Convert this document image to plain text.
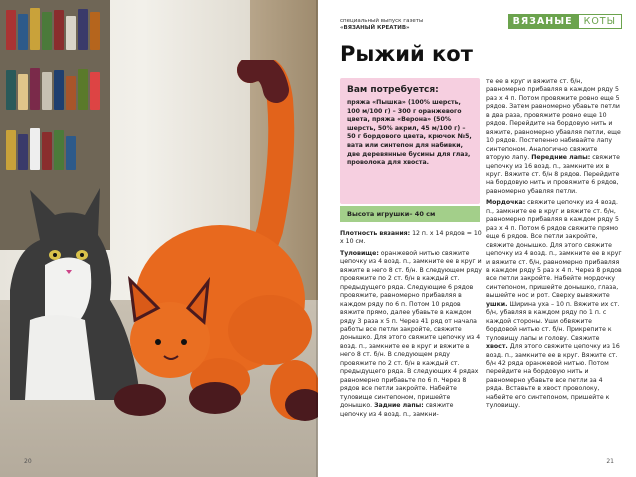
20
специальный выпуск газеты
«ВЯЗАНЫЙ КРЕАТИВ»
ВЯЗАНЫЕ	КОТЫ
Рыжий кот
Вам потребуется:
пряжа «Пышка» (100% шерсть, 100 м/100 г) – 300 г оранжевого цвета, пряжа «Верона» (50% шерсть, 50% акрил, 45 м/100 г) – 50 г бордового цвета, крючок №5, вата или синтепон для набивки, две деревянные бусины для глаз, проволока для хвоста.
Высота игрушки– 40 см

Плотность вязания: 12 п. х 14 рядов = 10 х 10 см.

Туловище: оранжевой нитью свяжите цепочку из 4 возд. п., замкните ее в круг и вяжите в него 8 ст. б/н. В следующем ряду провяжите по 2 ст. б/н в каждый ст. предыдущего ряда. Следующие 6 рядов провяжите, равномерно прибавляя в каждом ряду по 6 п. Потом 10 рядов вяжите прямо, далее убавьте в каждом ряду 3 раза х 5 п. Через 41 ряд от начала работы все петли закройте, свяжите донышко. Для этого свяжите цепочку из 4 возд. п., замкните ее в круг и вяжите в него 8 ст. б/н. В следующем ряду провяжите по 2 ст. б/н в каждый ст. предыдущего ряда. В следующих 4 рядах равномерно прибавьте по 6 п. Через 8 рядов все петли закройте. Набейте туловище синтепоном, пришейте донышко. Задние лапы: свяжите цепочку из 4 возд. п., замкни-

те ее в круг и вяжите ст. б/н, равномерно прибавляя в каждом ряду 5 раз х 4 п. Потом провяжите ровно еще 5 рядов. Затем равномерно убавьте петли в два раза, провяжите ровно еще 10 рядов. Перейдите на бордовую нить и вяжите, равномерно убавляя петли, еще 10 рядов. Постепенно набивайте лапу синтепоном. Аналогично свяжите вторую лапу. Передние лапы: свяжите цепочку из 16 возд. п., замкните их в круг. Вяжите ст. б/н 8 рядов. Перейдите на бордовую нить и провяжите 6 рядов, равномерно убавляя петли.

Мордочка: свяжите цепочку из 4 возд. п., замкните ее в круг и вяжите ст. б/н, равномерно прибавляя в каждом ряду 5 раз х 4 п. Потом 6 рядов свяжите прямо еще 6 рядов. Все петли закройте, свяжите донышко. Для этого свяжите цепочку из 4 возд. п., замкните ее в круг и вяжите ст. б/н, равномерно прибавляя в каждом ряду 5 раз х 4 п. Через 8 рядов все петли закройте. Набейте мордочку синтепоном, пришейте донышко, глаза, вышейте нос и рот. Сверху вывяжите ушки. Ширина уха – 10 п. Вяжите их ст. б/н, убавляя в каждом ряду по 1 п. с каждой стороны. Уши обвяжите бордовой нитью ст. б/н. Прикрепите к туловищу лапы и голову. Свяжите хвост. Для этого свяжите цепочку из 16 возд. п., замкните ее в круг. Вяжите ст. б/н 42 ряда оранжевой нитью. Потом перейдите на бордовую нить и равномерно убавьте все петли за 4 ряда. Вставьте в хвост проволоку, набейте его синтепоном, пришейте к туловищу.

21
